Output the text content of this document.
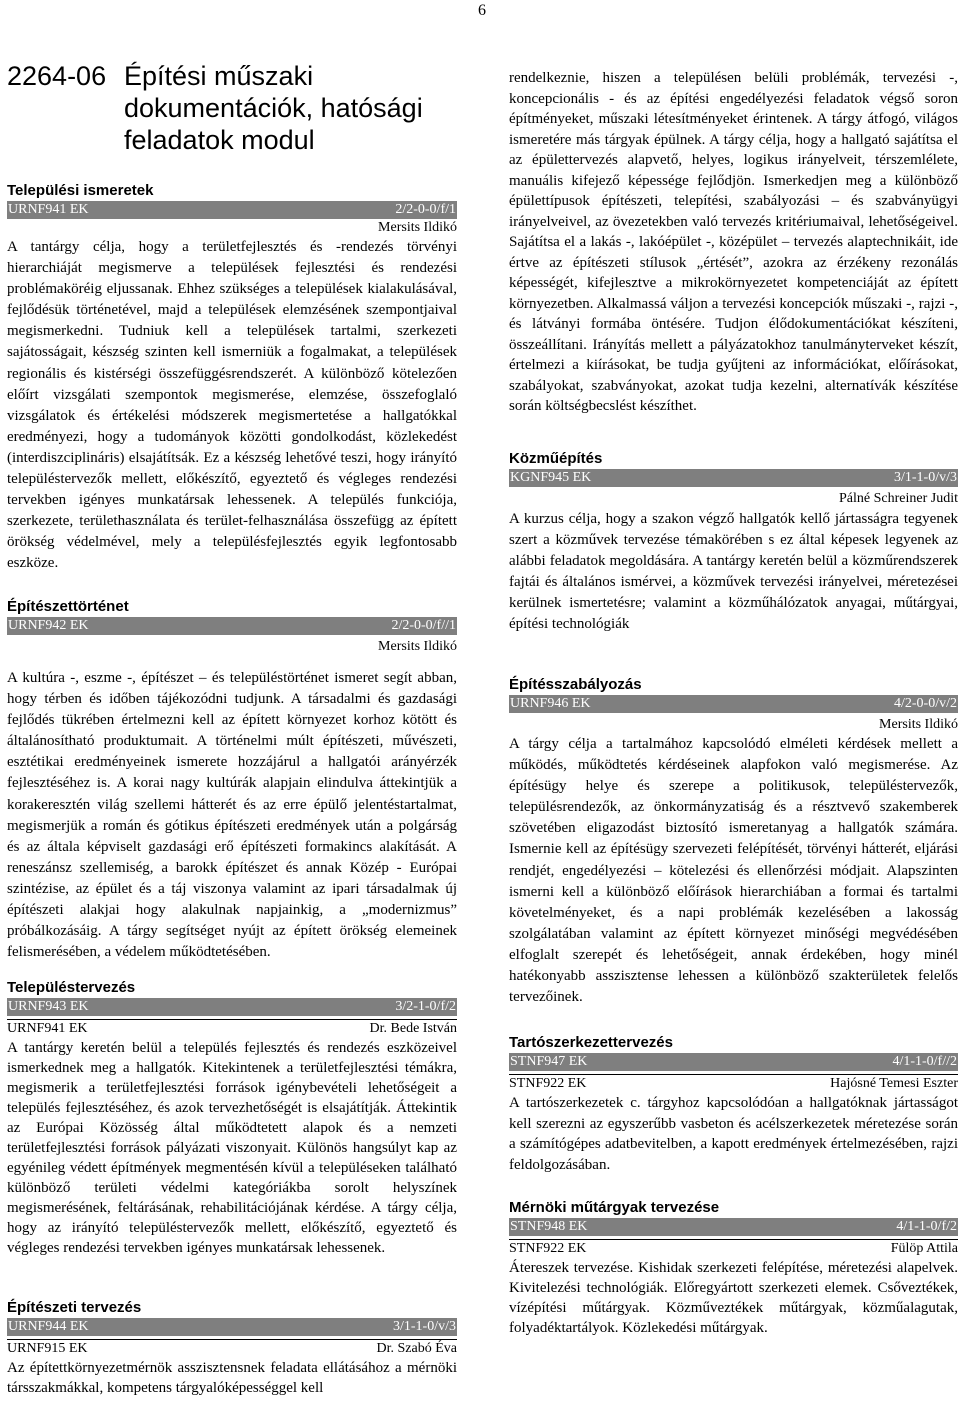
6
2264-06 Építési műszaki dokumentációk, hatósági feladatok modul
Települési ismeretek
URNF941 EK	2/2-0-0/f/1
Mersits Ildikó

A tantárgy célja, hogy a területfejlesztés és -rendezés törvényi hierarchiáját megismerve a települések fejlesztési és rendezési problémaköréig eljussanak. Ehhez szükséges a települések kialakulásával, fejlődésük történetével, majd a települések elemzésének szempontjaival megismerkedni. Tudniuk kell a települések tartalmi, szerkezeti sajátosságait, készség szinten kell ismerniük a fogalmakat, a települések regionális és kistérségi összefüggésrendszerét. A különböző kötelezően előírt vizsgálati szempontok megismerése, elemzése, összefoglaló vizsgálatok és értékelési módszerek megismertetése a hallgatókkal eredményezi, hogy a tudományok közötti gondolkodást, közlekedést (interdiszciplináris) elsajátítsák. Ez a készség lehetővé teszi, hogy irányító településtervezők mellett, előkészítő, egyeztető és végleges rendezési tervekben igényes munkatársak lehessenek. A település funkciója, szerkezete, területhasználata és terület-felhasználása összefügg az épített örökség védelmével, mely a településfejlesztés egyik legfontosabb eszköze.

Építészettörténet
URNF942 EK	2/2-0-0/f//1
Mersits Ildikó

A kultúra -, eszme -, építészet – és településtörténet ismeret segít abban, hogy térben és időben tájékozódni tudjunk. A társadalmi és gazdasági fejlődés tükrében értelmezni kell az épített környezet korhoz kötött és általánosítható produktumait. A történelmi múlt építészeti, művészeti, esztétikai eredményeinek ismerete hozzájárul a hallgatói arányérzék fejlesztéséhez is. A korai nagy kultúrák alapjain elindulva áttekintjük a korakeresztén világ szellemi hátterét és az erre épülő jelentéstartalmat, megismerjük a román és gótikus építészeti eredmények után a polgárság és az általa képviselt gazdasági erő építészeti formakincs alakítását. A reneszánsz szellemiség, a barokk építészet és annak Közép - Európai szintézise, az épület és a táj viszonya valamint az ipari társadalmak új építészeti alakjai hogy alakulnak napjainkig, a „modernizmus” próbálkozásáig. A tárgy segítséget nyújt az épített örökség elemeinek felismerésében, a védelem működtetésében.

Településtervezés
URNF943 EK	3/2-1-0/f/2
URNF941 EK	Dr. Bede István

A tantárgy keretén belül a település fejlesztés és rendezés eszközeivel ismerkednek meg a hallgatók. Kitekintenek a területfejlesztési témákra, megismerik a területfejlesztési források igénybevételi lehetőségeit a település fejlesztéséhez, és azok tervezhetőségét is elsajátítják. Áttekintik az Európai Közösség által működtetett alapok és a nemzeti területfejlesztési források pályázati viszonyait. Különös hangsúlyt kap az egyénileg védett építmények megmentésén kívül a településeken található különböző területi védelmi kategóriákba sorolt helyszínek megismerésének, feltárásának, rehabilitációjának kérdése. A tárgy célja, hogy az irányító településtervezők mellett, előkészítő, egyeztető és végleges rendezési tervekben igényes munkatársak lehessenek.

Építészeti tervezés
URNF944 EK	3/1-1-0/v/3
URNF915 EK	Dr. Szabó Éva

Az építettkörnyezetmérnök asszisztensnek feladata ellátásához a mérnöki társszakmákkal, kompetens tárgyalóképességgel kell

rendelkeznie, hiszen a településen belüli problémák, tervezési -, koncepcionális - és az építési engedélyezési feladatok végső soron építményeket, műszaki létesítményeket érintenek. A tárgy átfogó, világos ismeretére más tárgyak épülnek. A tárgy célja, hogy a hallgató sajátítsa el az épülettervezés alapvető, helyes, logikus irányelveit, térszemlélete, manuális kifejező képessége fejlődjön. Ismerkedjen meg a különböző épülettípusok építészeti, telepítési, szabályozási – és szabványügyi irányelveivel, az övezetekben való tervezés kritériumaival, lehetőségeivel. Sajátítsa el a lakás -, lakóépület -, középület – tervezés alaptechnikáit, ide értve az építészeti stílusok „értését”, azokra az érzékeny rezonálás képességét, kifejlesztve a mikrokörnyezetet kompetenciáját az épített környezetben. Alkalmassá váljon a tervezési koncepciók műszaki -, rajzi -, és látványi formába öntésére. Tudjon élődokumentációkat készíteni, összeállítani. Irányítás mellett a pályázatokhoz tanulmányterveket készít, értelmezi a kiírásokat, be tudja gyűjteni az információkat, előírásokat, szabályokat, szabványokat, azokat tudja kezelni, alternatívák készítése során költségbecslést készíthet.

Közműépítés
KGNF945 EK	3/1-1-0/v/3
Pálné Schreiner Judit

A kurzus célja, hogy a szakon végző hallgatók kellő jártasságra tegyenek szert a közművek tervezése témakörében s ez által képesek legyenek az alábbi feladatok megoldására. A tantárgy keretén belül a közműrendszerek fajtái és általános ismérvei, a közművek tervezési irányelvei, méretezései kerülnek ismertetésre; valamint a közműhálózatok anyagai, műtárgyai, építési technológiák

Építésszabályozás
URNF946 EK	4/2-0-0/v/2
Mersits Ildikó

A tárgy célja a tartalmához kapcsolódó elméleti kérdések mellett a működés, működtetés kérdéseinek alapfokon való megismerése. Az építésügy helye és szerepe a politikusok, településtervezők, településrendezők, az önkormányzatiság és a résztvevő szakemberek szövetében eligazodást biztosító ismeretanyag a hallgatók számára. Ismernie kell az építésügy szervezeti felépítését, törvényi hátterét, eljárási rendjét, engedélyezési – kötelezési és ellenőrzési módjait. Alapszinten ismerni kell a különböző előírások hierarchiában a formai és tartalmi követelményeket, és a napi problémák kezelésében a lakosság szolgálatában valamint az épített környezet minőségi megvédésében elfoglalt szerepét és lehetőségeit, annak érdekében, hogy minél hatékonyabb asszisztense lehessen a különböző szakterületek felelős tervezőinek.

Tartószerkezettervezés
STNF947 EK	4/1-1-0/f//2
STNF922 EK	Hajósné Temesi Eszter

A tartószerkezetek c. tárgyhoz kapcsolódóan a hallgatóknak jártasságot kell szerezni az egyszerűbb vasbeton és acélszerkezetek méretezése során a számítógépes adatbevitelben, a kapott eredmények értelmezésében, rajzi feldolgozásában.

Mérnöki műtárgyak tervezése
STNF948 EK	4/1-1-0/f/2
STNF922 EK	Fülöp Attila

Átereszek tervezése. Kishidak szerkezeti felépítése, méretezési alapelvek. Kivitelezési technológiák. Előregyártott szerkezeti elemek. Csőveztékek, vízépítési műtárgyak. Közműveztékek műtárgyak, közműalagutak, folyadéktartályok. Közlekedési műtárgyak.
